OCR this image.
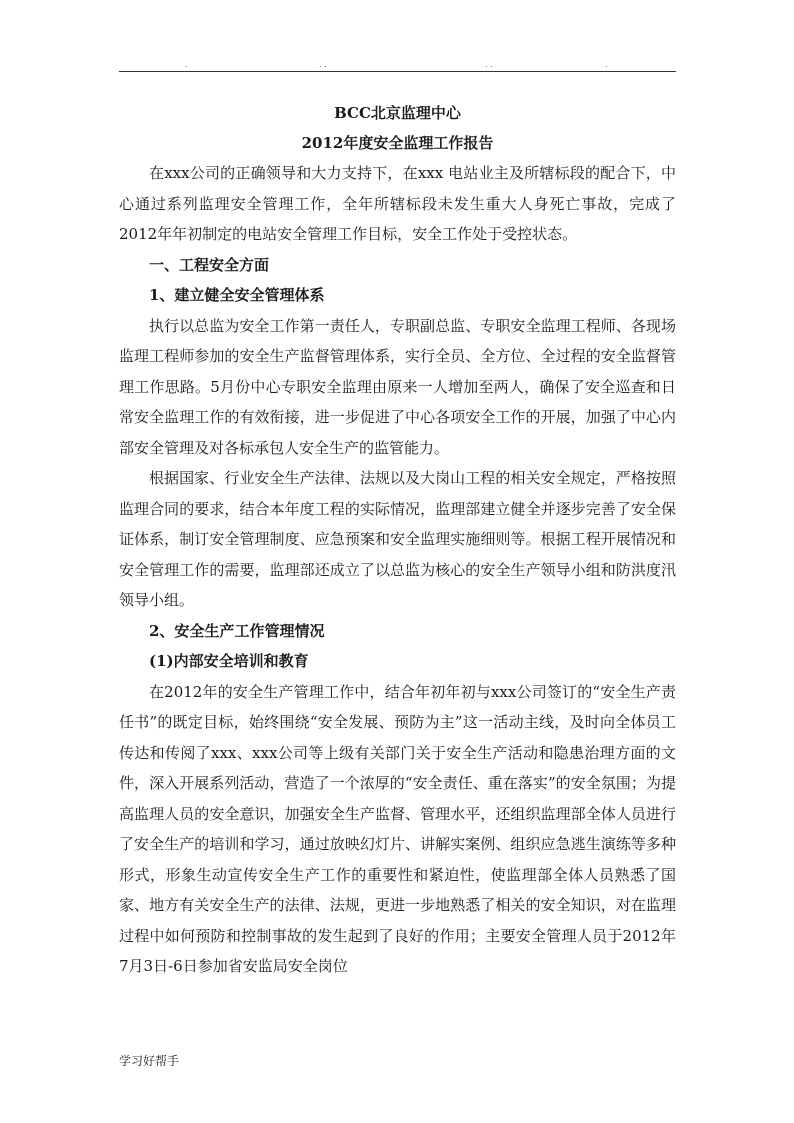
.	. .	. .	.

BCC北京监理中心

2012年度安全监理工作报告

在xxx公司的正确领导和大力支持下，在xxx 电站业主及所辖标段的配合下，中心通过系列监理安全管理工作，全年所辖标段未发生重大人身死亡事故，完成了2012年年初制定的电站安全管理工作目标，安全工作处于受控状态。

一、工程安全方面

1、建立健全安全管理体系

执行以总监为安全工作第一责任人，专职副总监、专职安全监理工程师、各现场监理工程师参加的安全生产监督管理体系，实行全员、全方位、全过程的安全监督管理工作思路。5月份中心专职安全监理由原来一人增加至两人，确保了安全巡查和日常安全监理工作的有效衔接，进一步促进了中心各项安全工作的开展，加强了中心内部安全管理及对各标承包人安全生产的监管能力。

根据国家、行业安全生产法律、法规以及大岗山工程的相关安全规定，严格按照监理合同的要求，结合本年度工程的实际情况，监理部建立健全并逐步完善了安全保证体系，制订安全管理制度、应急预案和安全监理实施细则等。根据工程开展情况和安全管理工作的需要，监理部还成立了以总监为核心的安全生产领导小组和防洪度汛领导小组。

2、安全生产工作管理情况

(1)内部安全培训和教育

在2012年的安全生产管理工作中，结合年初年初与xxx公司签订的“安全生产责任书”的既定目标，始终围绕“安全发展、预防为主”这一活动主线，及时向全体员工传达和传阅了xxx、xxx公司等上级有关部门关于安全生产活动和隐患治理方面的文件，深入开展系列活动，营造了一个浓厚的“安全责任、重在落实”的安全氛围；为提高监理人员的安全意识，加强安全生产监督、管理水平，还组织监理部全体人员进行了安全生产的培训和学习，通过放映幻灯片、讲解实案例、组织应急逃生演练等多种形式，形象生动宣传安全生产工作的重要性和紧迫性，使监理部全体人员熟悉了国家、地方有关安全生产的法律、法规，更进一步地熟悉了相关的安全知识，对在监理过程中如何预防和控制事故的发生起到了良好的作用；主要安全管理人员于2012年7月3日-6日参加省安监局安全岗位

学习好帮手
